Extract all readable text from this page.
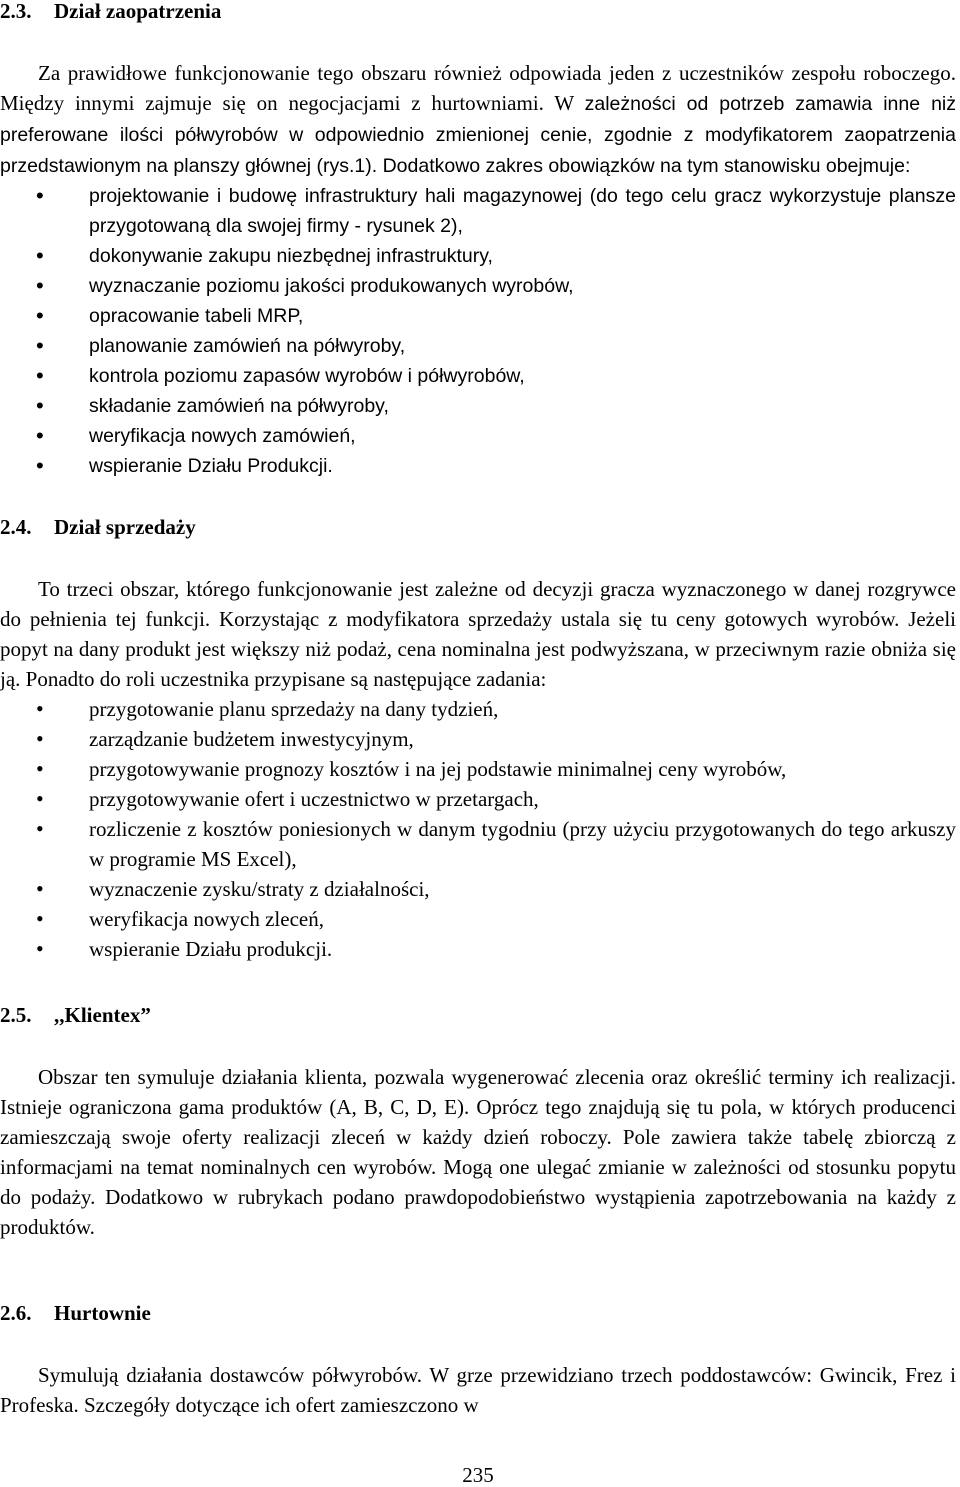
2.3. Dział zaopatrzenia

Za prawidłowe funkcjonowanie tego obszaru również odpowiada jeden z uczestników zespołu roboczego. Między innymi zajmuje się on negocjacjami z hurtowniami. W zależności od potrzeb zamawia inne niż preferowane ilości półwyrobów w odpowiednio zmienionej cenie, zgodnie z modyfikatorem zaopatrzenia przedstawionym na planszy głównej (rys.1). Dodatkowo zakres obowiązków na tym stanowisku obejmuje:

• projektowanie i budowę infrastruktury hali magazynowej (do tego celu gracz wykorzystuje plansze przygotowaną dla swojej firmy - rysunek 2),
• dokonywanie zakupu niezbędnej infrastruktury,
• wyznaczanie poziomu jakości produkowanych wyrobów,
• opracowanie tabeli MRP,
• planowanie zamówień na półwyroby,
• kontrola poziomu zapasów wyrobów i półwyrobów,
• składanie zamówień na półwyroby,
• weryfikacja nowych zamówień,
• wspieranie Działu Produkcji.
2.4. Dział sprzedaży

To trzeci obszar, którego funkcjonowanie jest zależne od decyzji gracza wyznaczonego w danej rozgrywce do pełnienia tej funkcji. Korzystając z modyfikatora sprzedaży ustala się tu ceny gotowych wyrobów. Jeżeli popyt na dany produkt jest większy niż podaż, cena nominalna jest podwyższana, w przeciwnym razie obniża się ją. Ponadto do roli uczestnika przypisane są następujące zadania:

• przygotowanie planu sprzedaży na dany tydzień,
• zarządzanie budżetem inwestycyjnym,
• przygotowywanie prognozy kosztów i na jej podstawie minimalnej ceny wyrobów,
• przygotowywanie ofert i uczestnictwo w przetargach,
• rozliczenie z kosztów poniesionych w danym tygodniu (przy użyciu przygotowanych do tego arkuszy w programie MS Excel),
• wyznaczenie zysku/straty z działalności,
• weryfikacja nowych zleceń,
• wspieranie Działu produkcji.
2.5. ,,Klientex”

Obszar ten symuluje działania klienta, pozwala wygenerować zlecenia oraz określić terminy ich realizacji. Istnieje ograniczona gama produktów (A, B, C, D, E). Oprócz tego znajdują się tu pola, w których producenci zamieszczają swoje oferty realizacji zleceń w każdy dzień roboczy. Pole zawiera także tabelę zbiorczą z informacjami na temat nominalnych cen wyrobów. Mogą one ulegać zmianie w zależności od stosunku popytu do podaży. Dodatkowo w rubrykach podano prawdopodobieństwo wystąpienia zapotrzebowania na każdy z produktów.

2.6. Hurtownie

Symulują działania dostawców półwyrobów. W grze przewidziano trzech poddostawców: Gwincik, Frez i Profeska. Szczegóły dotyczące ich ofert zamieszczono w

235
